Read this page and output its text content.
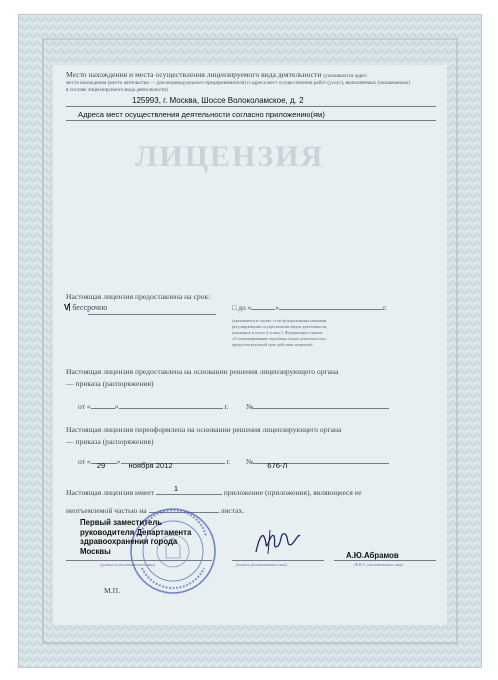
ЛИЦЕНЗИЯ
Место нахождения и места осуществления лицензируемого вида деятельности (указываются адрес
места нахождения (место жительства — для индивидуального предпринимателя) и адреса мест осуществления работ (услуг), выполняемых (оказываемых)
в составе лицензируемого вида деятельности)
125993, г. Москва, Шоссе Волоколамское, д. 2
Адреса мест осуществления деятельности согласно приложению(ям)
Настоящая лицензия предоставлена на срок:
V бессрочно	□ до «	»	г.
(указывается в случае, если федеральными законами,
регулирующими осуществление видов деятельности,
указанных в части 4 статьи 1 Федерального закона
«О лицензировании отдельных видов деятельности»,
предусмотрен иной срок действия лицензии)
Настоящая лицензия предоставлена на основании решения лицензирующего органа
— приказа (распоряжения)
от «	»	г. №
Настоящая лицензия переоформлена на основании решения лицензирующего органа
— приказа (распоряжения)
от « 29 » ноября 2012	г. № 676-Л
Настоящая лицензия имеет	1	приложение (приложения), являющееся ее
неотъемлемой частью на	листах.
Первый заместитель
руководителя Департамента
здравоохранения города
Москвы	А.Ю.Абрамов
(должность уполномоченного лица)	(подпись уполномоченного лица)	(Ф.И.О. уполномоченного лица)
М.П.
